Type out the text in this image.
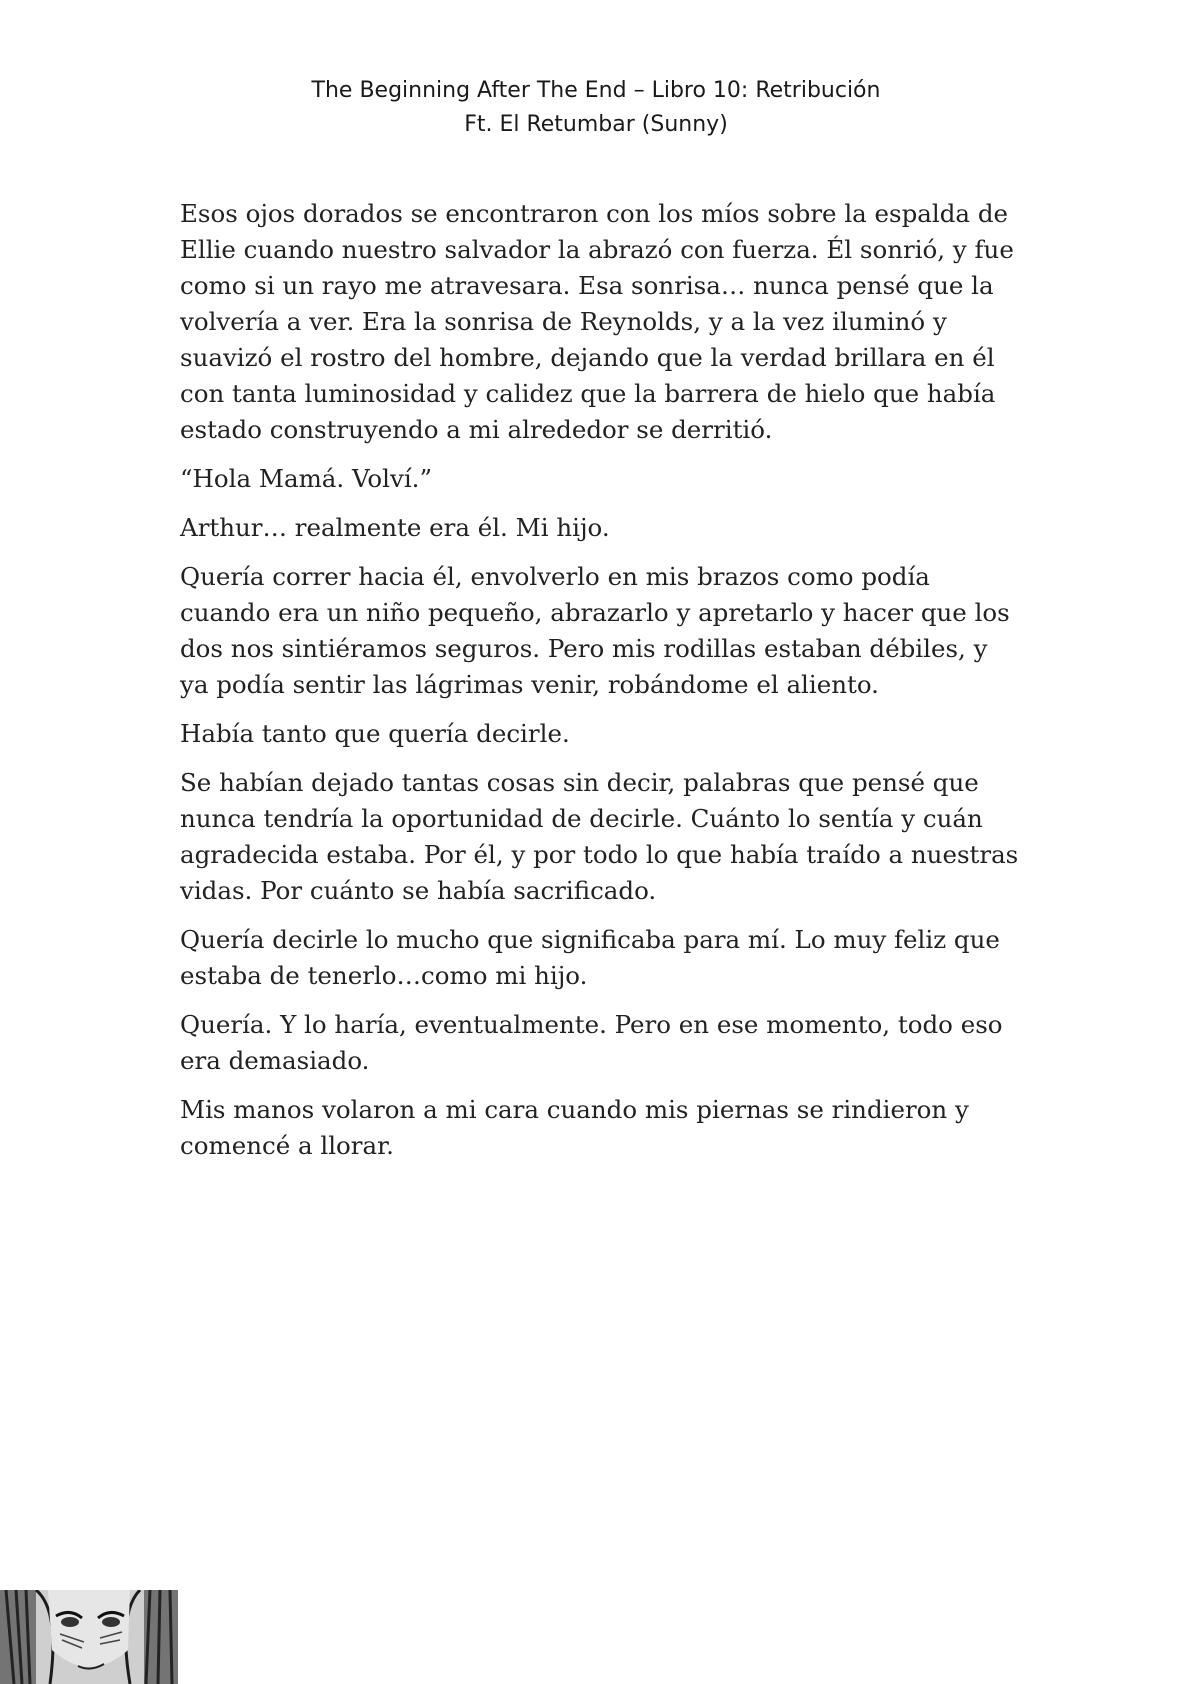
The Beginning After The End – Libro 10: Retribución
Ft. El Retumbar (Sunny)

Esos ojos dorados se encontraron con los míos sobre la espalda de Ellie cuando nuestro salvador la abrazó con fuerza. Él sonrió, y fue como si un rayo me atravesara. Esa sonrisa… nunca pensé que la volvería a ver. Era la sonrisa de Reynolds, y a la vez iluminó y suavizó el rostro del hombre, dejando que la verdad brillara en él con tanta luminosidad y calidez que la barrera de hielo que había estado construyendo a mi alrededor se derritió.

“Hola Mamá. Volví.”

Arthur… realmente era él. Mi hijo.

Quería correr hacia él, envolverlo en mis brazos como podía cuando era un niño pequeño, abrazarlo y apretarlo y hacer que los dos nos sintiéramos seguros. Pero mis rodillas estaban débiles, y ya podía sentir las lágrimas venir, robándome el aliento.

Había tanto que quería decirle.

Se habían dejado tantas cosas sin decir, palabras que pensé que nunca tendría la oportunidad de decirle. Cuánto lo sentía y cuán agradecida estaba. Por él, y por todo lo que había traído a nuestras vidas. Por cuánto se había sacrificado.

Quería decirle lo mucho que significaba para mí. Lo muy feliz que estaba de tenerlo…como mi hijo.

Quería. Y lo haría, eventualmente. Pero en ese momento, todo eso era demasiado.

Mis manos volaron a mi cara cuando mis piernas se rindieron y comencé a llorar.
